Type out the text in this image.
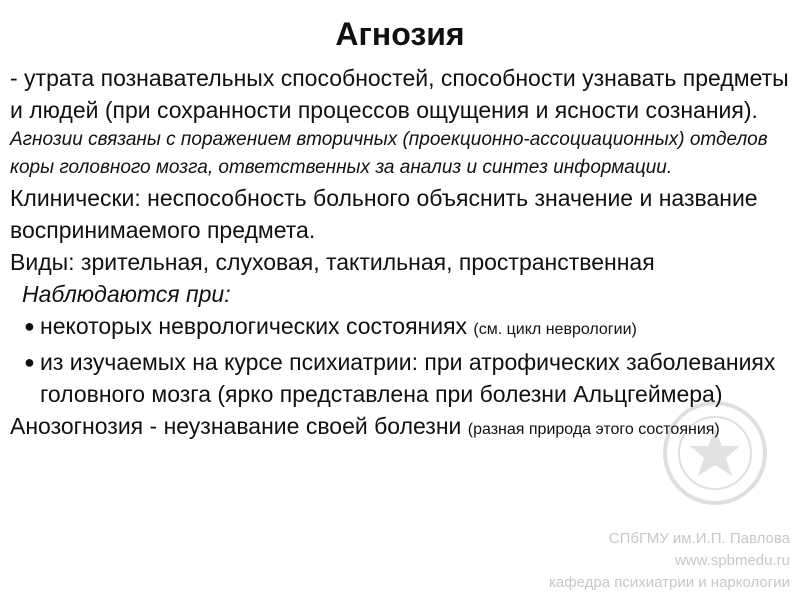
Агнозия

- утрата познавательных способностей, способности узнавать предметы и людей (при сохранности процессов ощущения и ясности сознания).

Агнозии связаны с поражением вторичных (проекционно-ассоциационных) отделов коры головного мозга, ответственных за анализ и синтез информации.

Клинически: неспособность больного объяснить значение и название воспринимаемого предмета.

Виды: зрительная, слуховая, тактильная, пространственная

Наблюдаются при:

● некоторых неврологических состояниях (см. цикл неврологии)

● из изучаемых на курсе психиатрии: при атрофических заболеваниях головного мозга (ярко представлена при болезни Альцгеймера)

Анозогнозия - неузнавание своей болезни (разная природа этого состояния)

СПбГМУ им.И.П. Павлова
www.spbmedu.ru
кафедра психиатрии и наркологии
